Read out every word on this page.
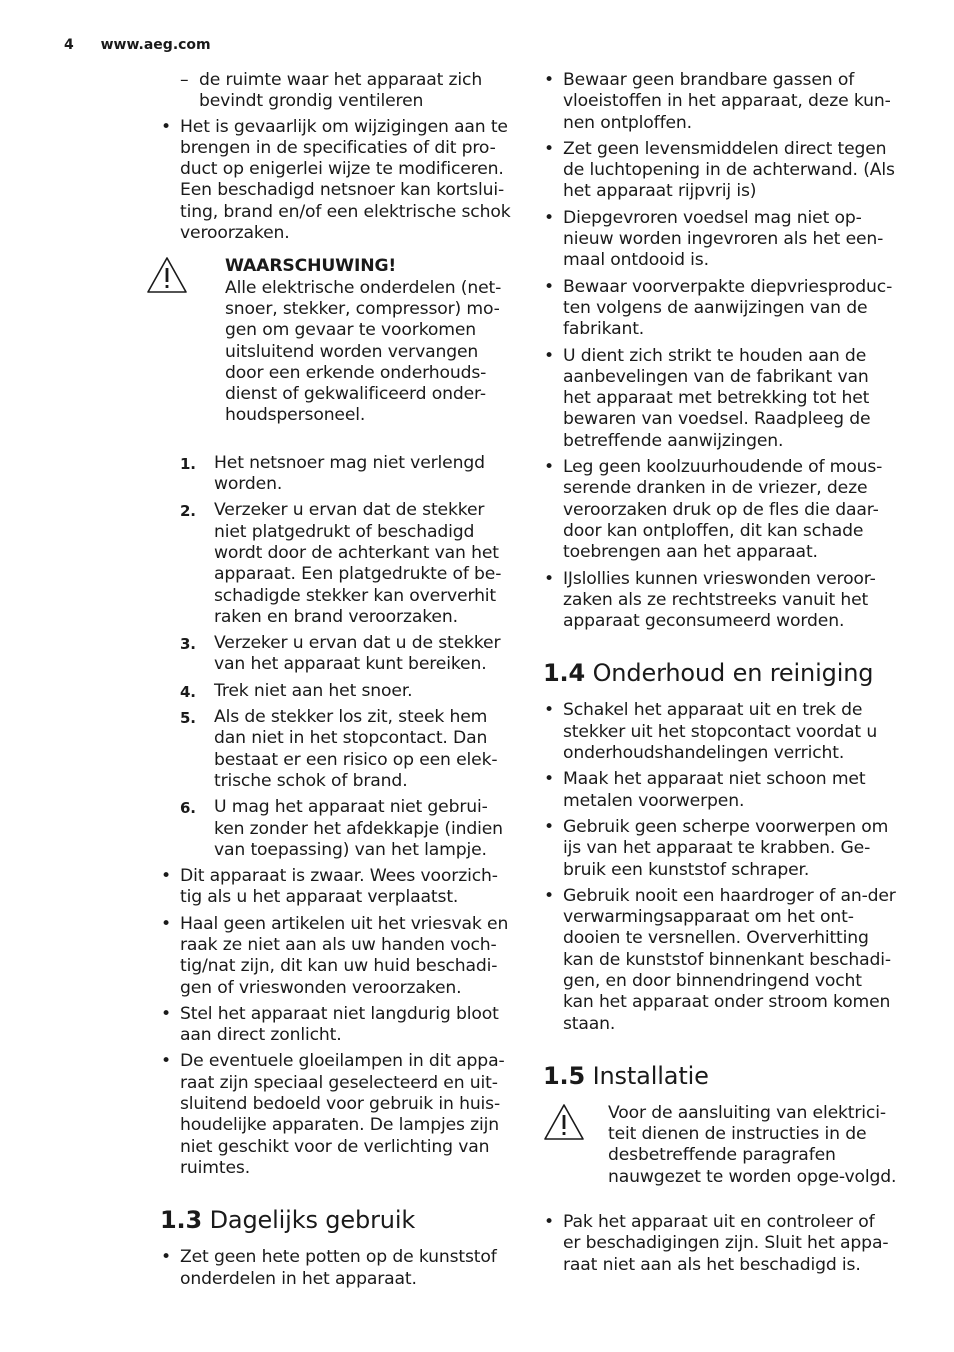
4 www.aeg.com
– de ruimte waar het apparaat zich bevindt grondig ventileren
• Het is gevaarlijk om wijzigingen aan te brengen in de specificaties of dit pro-duct op enigerlei wijze te modificeren. Een beschadigd netsnoer kan kortslui-ting, brand en/of een elektrische schok veroorzaken.
WAARSCHUWING!
Alle elektrische onderdelen (net-snoer, stekker, compressor) mo-gen om gevaar te voorkomen uitsluitend worden vervangen door een erkende onderhouds-dienst of gekwalificeerd onder-houdspersoneel.
1. Het netsnoer mag niet verlengd worden.
2. Verzeker u ervan dat de stekker niet platgedrukt of beschadigd wordt door de achterkant van het apparaat. Een platgedrukte of be-schadigde stekker kan oververhit raken en brand veroorzaken.
3. Verzeker u ervan dat u de stekker van het apparaat kunt bereiken.
4. Trek niet aan het snoer.
5. Als de stekker los zit, steek hem dan niet in het stopcontact. Dan bestaat er een risico op een elek-trische schok of brand.
6. U mag het apparaat niet gebrui-ken zonder het afdekkapje (indien van toepassing) van het lampje.
• Dit apparaat is zwaar. Wees voorzich-tig als u het apparaat verplaatst.
• Haal geen artikelen uit het vriesvak en raak ze niet aan als uw handen voch-tig/nat zijn, dit kan uw huid beschadi-gen of vrieswonden veroorzaken.
• Stel het apparaat niet langdurig bloot aan direct zonlicht.
• De eventuele gloeilampen in dit appa-raat zijn speciaal geselecteerd en uit-sluitend bedoeld voor gebruik in huis-houdelijke apparaten. De lampjes zijn niet geschikt voor de verlichting van ruimtes.
1.3 Dagelijks gebruik
• Zet geen hete potten op de kunststof onderdelen in het apparaat.
• Bewaar geen brandbare gassen of vloeistoffen in het apparaat, deze kun-nen ontploffen.
• Zet geen levensmiddelen direct tegen de luchtopening in de achterwand. (Als het apparaat rijpvrij is)
• Diepgevroren voedsel mag niet op-nieuw worden ingevroren als het een-maal ontdooid is.
• Bewaar voorverpakte diepvriesproduc-ten volgens de aanwijzingen van de fabrikant.
• U dient zich strikt te houden aan de aanbevelingen van de fabrikant van het apparaat met betrekking tot het bewaren van voedsel. Raadpleeg de betreffende aanwijzingen.
• Leg geen koolzuurhoudende of mous-serende dranken in de vriezer, deze veroorzaken druk op de fles die daar-door kan ontploffen, dit kan schade toebrengen aan het apparaat.
• IJslollies kunnen vrieswonden veroor-zaken als ze rechtstreeks vanuit het apparaat geconsumeerd worden.
1.4 Onderhoud en reiniging
• Schakel het apparaat uit en trek de stekker uit het stopcontact voordat u onderhoudshandelingen verricht.
• Maak het apparaat niet schoon met metalen voorwerpen.
• Gebruik geen scherpe voorwerpen om ijs van het apparaat te krabben. Ge-bruik een kunststof schraper.
• Gebruik nooit een haardroger of an-der verwarmingsapparaat om het ont-dooien te versnellen. Oververhitting kan de kunststof binnenkant beschadi-gen, en door binnendringend vocht kan het apparaat onder stroom komen staan.
1.5 Installatie
Voor de aansluiting van elektrici-teit dienen de instructies in de desbetreffende paragrafen nauwgezet te worden opge-volgd.
• Pak het apparaat uit en controleer of er beschadigingen zijn. Sluit het appa-raat niet aan als het beschadigd is.
